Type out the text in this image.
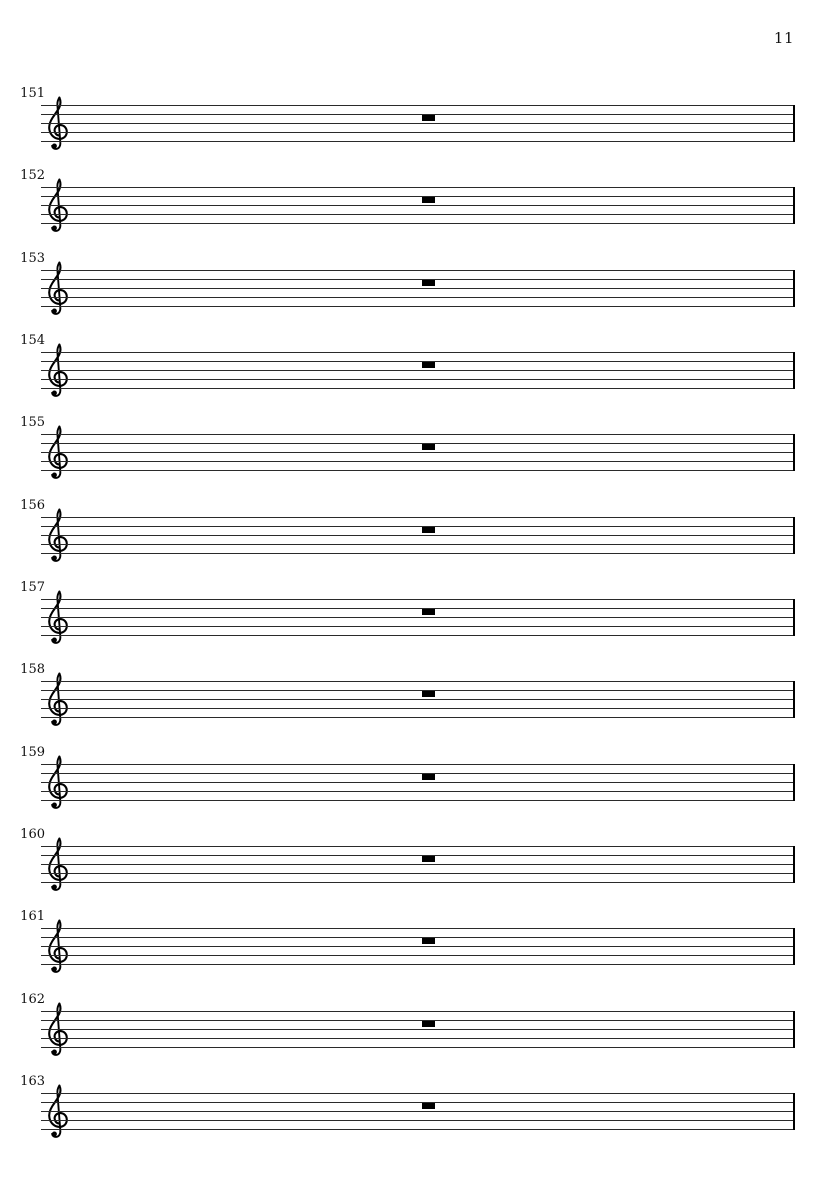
11
151
152
153
154
155
156
157
158
159
160
161
162
163
